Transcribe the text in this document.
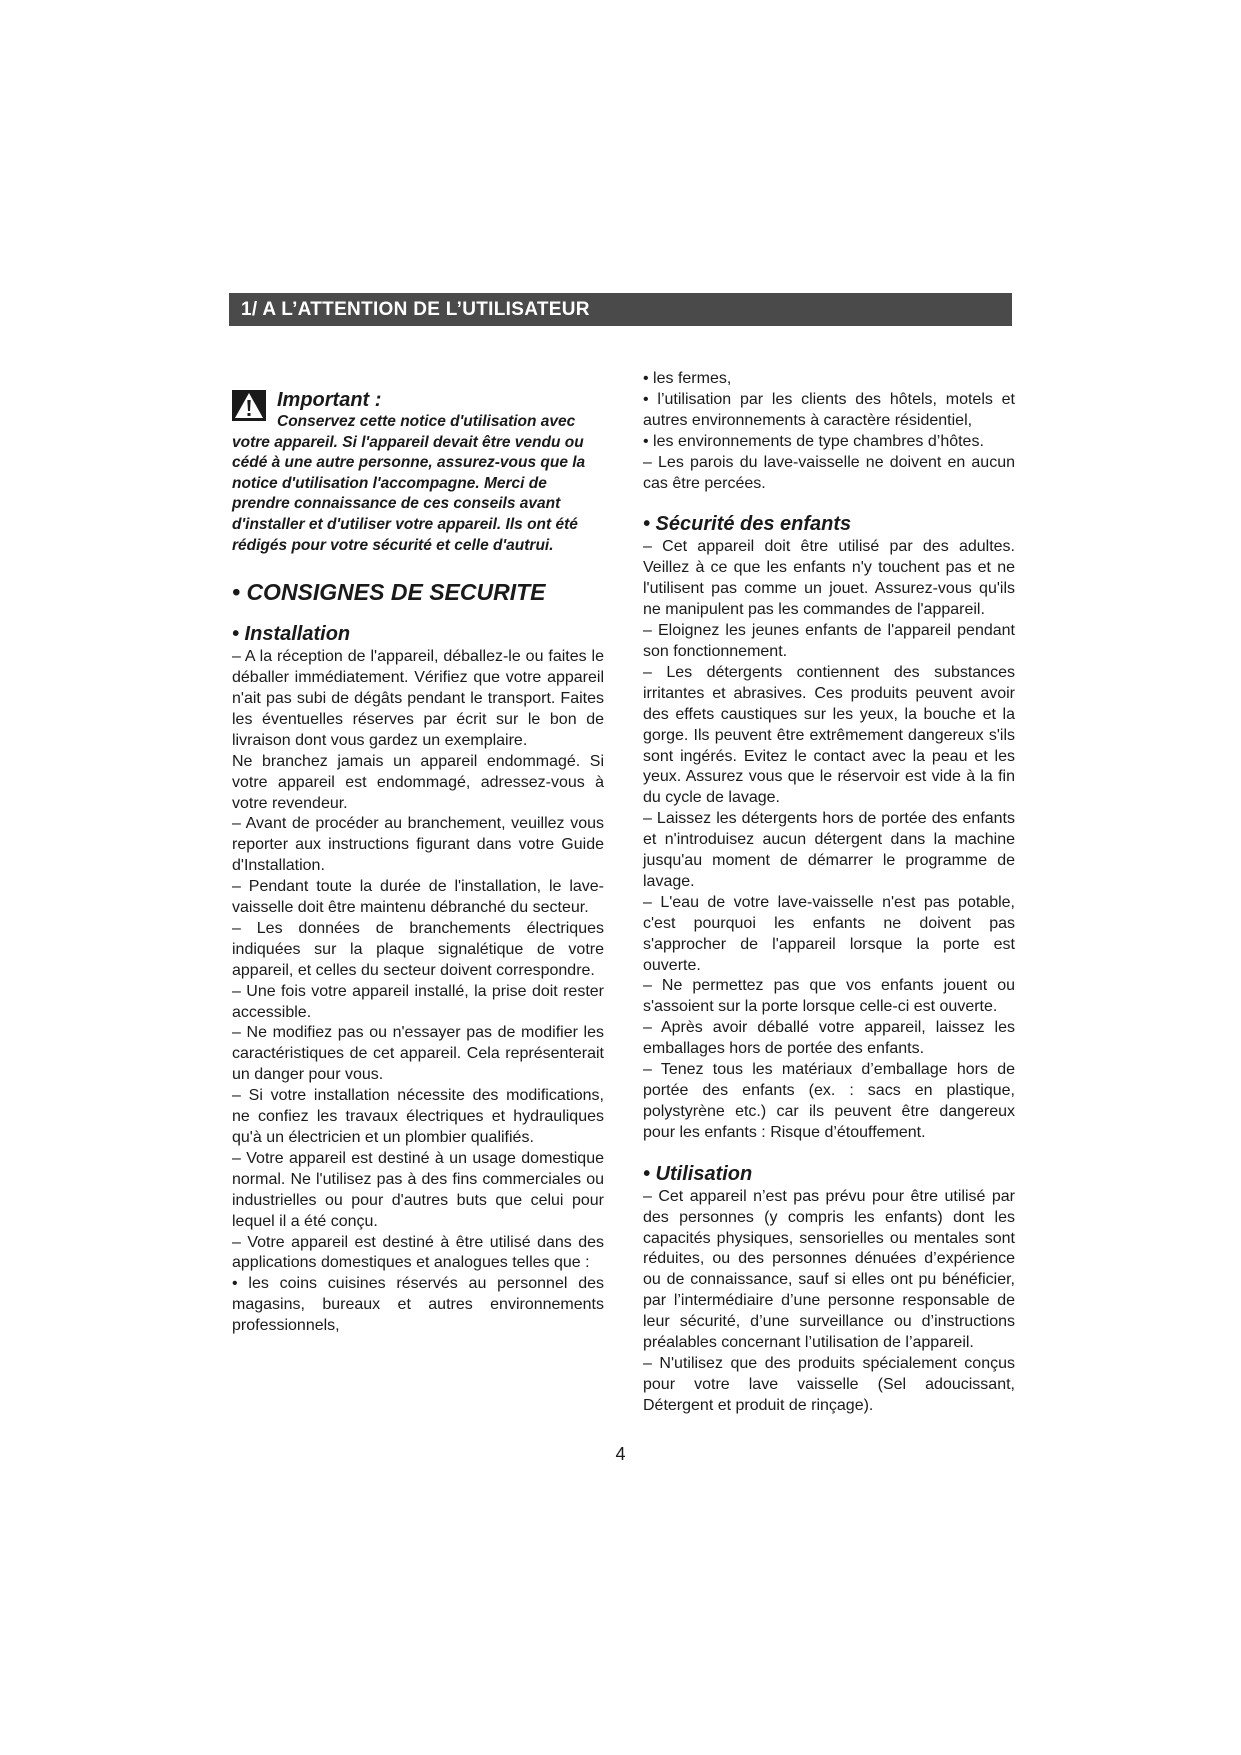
1/ A L’ATTENTION DE L’UTILISATEUR

Important :

Conservez cette notice d'utilisation avec votre appareil. Si l'appareil devait être vendu ou cédé à une autre personne, assurez-vous que la notice d'utilisation l'accompagne. Merci de prendre connaissance de ces conseils avant d'installer et d'utiliser votre appareil. Ils ont été rédigés pour votre sécurité et celle d'autrui.

• CONSIGNES DE SECURITE

• Installation

– A la réception de l'appareil, déballez-le ou faites le déballer immédiatement. Vérifiez que votre appareil n'ait pas subi de dégâts pendant le transport. Faites les éventuelles réserves par écrit sur le bon de livraison dont vous gardez un exemplaire.

Ne branchez jamais un appareil endommagé. Si votre appareil est endommagé, adressez-vous à votre revendeur.

– Avant de procéder au branchement, veuillez vous reporter aux instructions figurant dans votre Guide d'Installation.

– Pendant toute la durée de l'installation, le lave-vaisselle doit être maintenu débranché du secteur.

– Les données de branchements électriques indiquées sur la plaque signalétique de votre appareil, et celles du secteur doivent correspondre.

– Une fois votre appareil installé, la prise doit rester accessible.

– Ne modifiez pas ou n'essayer pas de modifier les caractéristiques de cet appareil. Cela représenterait un danger pour vous.

– Si votre installation nécessite des modifications, ne confiez les travaux électriques et hydrauliques qu'à un électricien et un plombier qualifiés.

– Votre appareil est destiné à un usage domestique normal. Ne l'utilisez pas à des fins commerciales ou industrielles ou pour d'autres buts que celui pour lequel il a été conçu.

– Votre appareil est destiné à être utilisé dans des applications domestiques et analogues telles que :

• les coins cuisines réservés au personnel des magasins, bureaux et autres environnements professionnels,

• les fermes,

• l’utilisation par les clients des hôtels, motels et autres environnements à caractère résidentiel,

• les environnements de type chambres d’hôtes.

– Les parois du lave-vaisselle ne doivent en aucun cas être percées.

• Sécurité des enfants

– Cet appareil doit être utilisé par des adultes. Veillez à ce que les enfants n'y touchent pas et ne l'utilisent pas comme un jouet. Assurez-vous qu'ils ne manipulent pas les commandes de l'appareil.

– Eloignez les jeunes enfants de l'appareil pendant son fonctionnement.

– Les détergents contiennent des substances irritantes et abrasives. Ces produits peuvent avoir des effets caustiques sur les yeux, la bouche et la gorge. Ils peuvent être extrêmement dangereux s'ils sont ingérés. Evitez le contact avec la peau et les yeux. Assurez vous que le réservoir est vide à la fin du cycle de lavage.

– Laissez les détergents hors de portée des enfants et n'introduisez aucun détergent dans la machine jusqu'au moment de démarrer le programme de lavage.

– L'eau de votre lave-vaisselle n'est pas potable, c'est pourquoi les enfants ne doivent pas s'approcher de l'appareil lorsque la porte est ouverte.

– Ne permettez pas que vos enfants jouent ou s'assoient sur la porte lorsque celle-ci est ouverte.

– Après avoir déballé votre appareil, laissez les emballages hors de portée des enfants.

– Tenez tous les matériaux d’emballage hors de portée des enfants (ex. : sacs en plastique, polystyrène etc.) car ils peuvent être dangereux pour les enfants : Risque d’étouffement.

• Utilisation

– Cet appareil n’est pas prévu pour être utilisé par des personnes (y compris les enfants) dont les capacités physiques, sensorielles ou mentales sont réduites, ou des personnes dénuées d’expérience ou de connaissance, sauf si elles ont pu bénéficier, par l’intermédiaire d’une personne responsable de leur sécurité, d’une surveillance ou d’instructions préalables concernant l’utilisation de l’appareil.

– N'utilisez que des produits spécialement conçus pour votre lave vaisselle (Sel adoucissant, Détergent et produit de rinçage).

4
